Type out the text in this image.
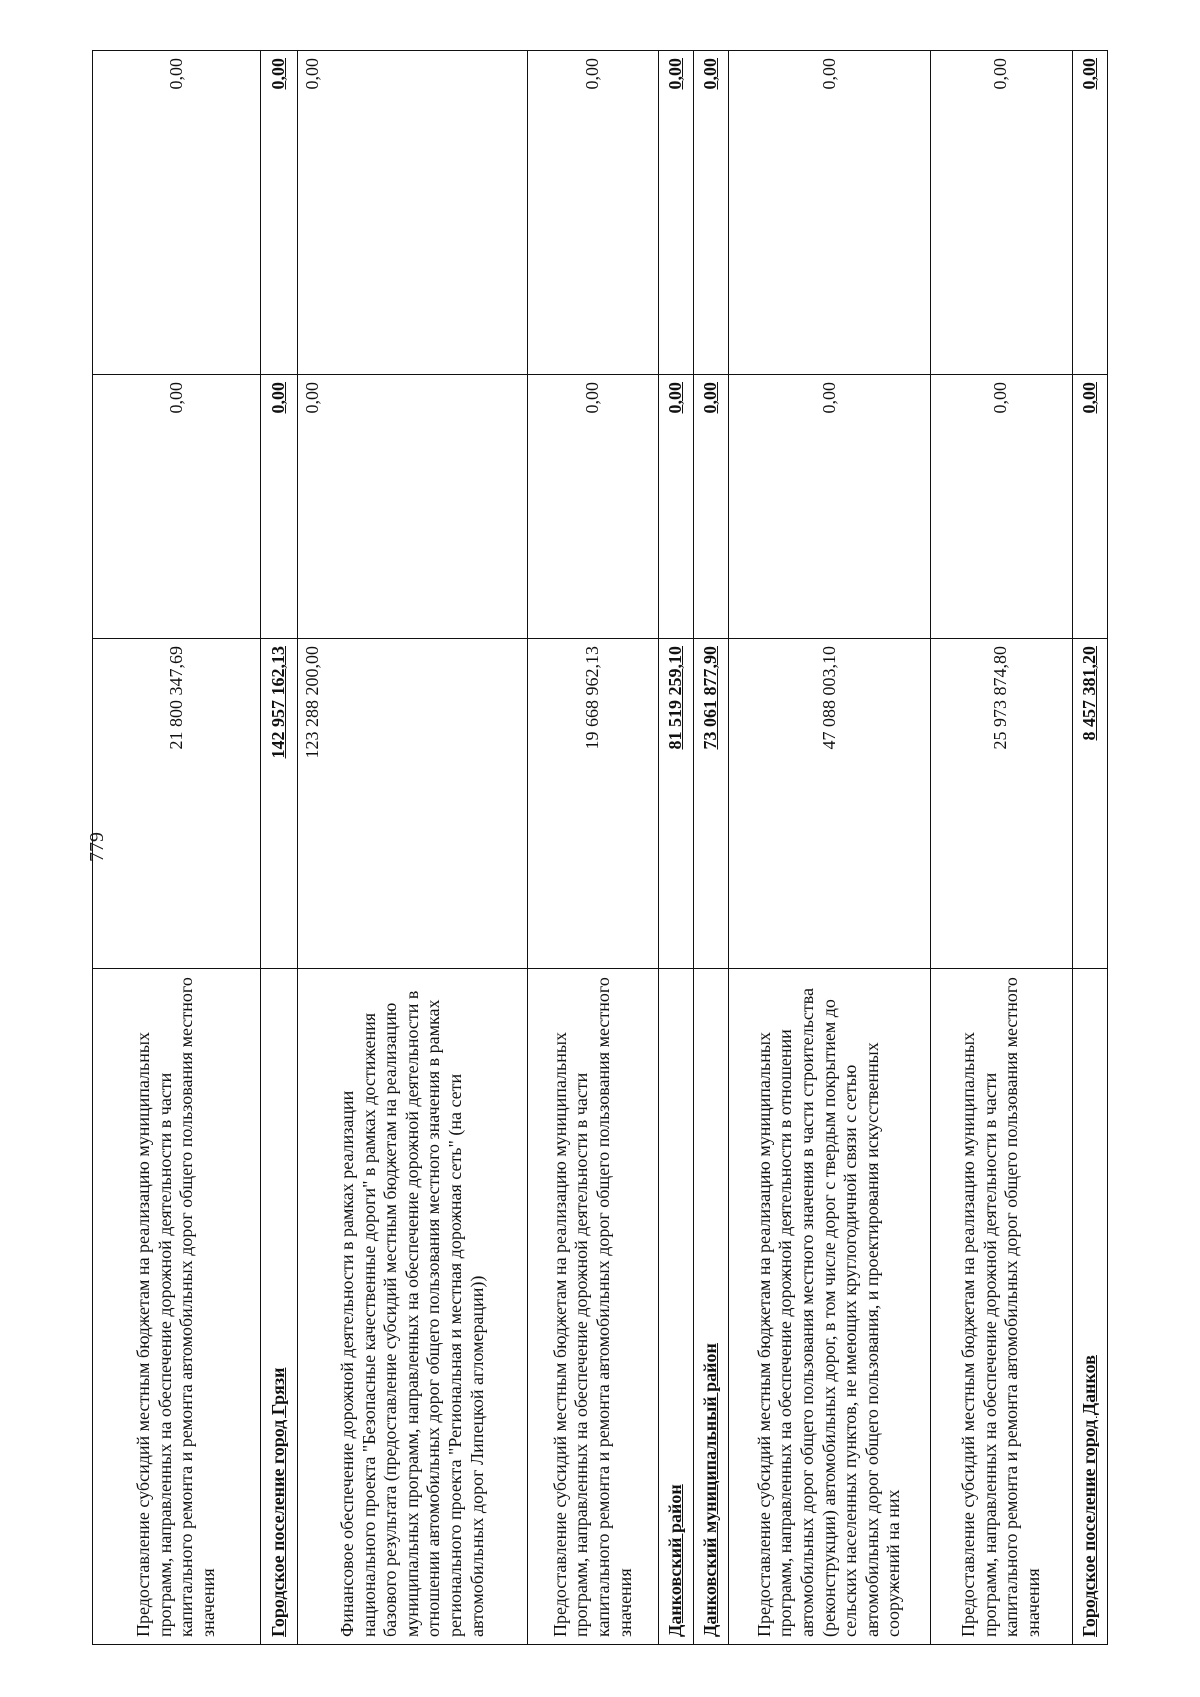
779
Предоставление субсидий местным бюджетам на реализацию муниципальных программ, направленных на обеспечение дорожной деятельности в части капитального ремонта и ремонта автомобильных дорог общего пользования местного значения	21 800 347,69	0,00	0,00
Городское поселение город Грязи	142 957 162,13	0,00	0,00
Финансовое обеспечение дорожной деятельности в рамках реализации национального проекта "Безопасные качественные дороги" в рамках достижения базового результата (предоставление субсидий местным бюджетам на реализацию муниципальных программ, направленных на обеспечение дорожной деятельности в отношении автомобильных дорог общего пользования местного значения в рамках регионального проекта "Региональная и местная дорожная сеть" (на сети автомобильных дорог Липецкой агломерации))	123 288 200,00	0,00	0,00
Предоставление субсидий местным бюджетам на реализацию муниципальных программ, направленных на обеспечение дорожной деятельности в части капитального ремонта и ремонта автомобильных дорог общего пользования местного значения	19 668 962,13	0,00	0,00
Данковский район	81 519 259,10	0,00	0,00
Данковский муниципальный район	73 061 877,90	0,00	0,00
Предоставление субсидий местным бюджетам на реализацию муниципальных программ, направленных на обеспечение дорожной деятельности в отношении автомобильных дорог общего пользования местного значения в части строительства (реконструкции) автомобильных дорог, в том числе дорог с твердым покрытием до сельских населенных пунктов, не имеющих круглогодичной связи с сетью автомобильных дорог общего пользования, и проектирования искусственных сооружений на них	47 088 003,10	0,00	0,00
Предоставление субсидий местным бюджетам на реализацию муниципальных программ, направленных на обеспечение дорожной деятельности в части капитального ремонта и ремонта автомобильных дорог общего пользования местного значения	25 973 874,80	0,00	0,00
Городское поселение город Данков	8 457 381,20	0,00	0,00
